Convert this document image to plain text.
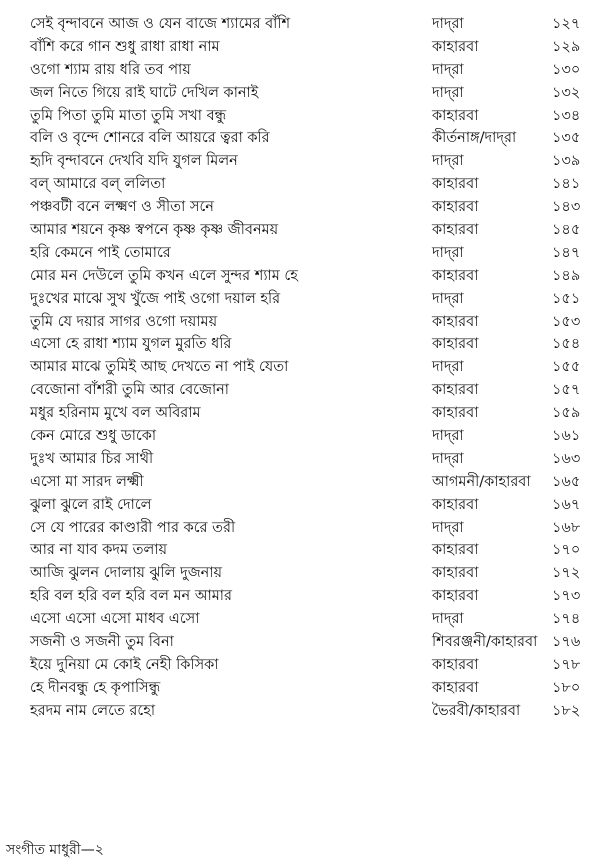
সেই বৃন্দাবনে আজ ও যেন বাজে শ্যামের বাঁশি	দাদ্‌রা	১২৭
বাঁশি করে গান শুধু রাধা রাধা নাম	কাহারবা	১২৯
ওগো শ্যাম রায় ধরি তব পায়	দাদ্‌রা	১৩০
জল নিতে গিয়ে রাই ঘাটে দেখিল কানাই	দাদ্‌রা	১৩২
তুমি পিতা তুমি মাতা তুমি সখা বন্ধু	কাহারবা	১৩৪
বলি ও বৃন্দে শোনরে বলি আয়রে ত্বরা করি	কীর্তনাঙ্গ/দাদ্‌রা ১৩৫
হৃদি বৃন্দাবনে দেখবি যদি যুগল মিলন	দাদ্‌রা	১৩৯
বল্ আমারে বল্ ললিতা	কাহারবা	১৪১
পঞ্চবটী বনে লক্ষ্মণ ও সীতা সনে	কাহারবা	১৪৩
আমার শয়নে কৃষ্ণ স্বপনে কৃষ্ণ কৃষ্ণ জীবনময়	কাহারবা	১৪৫
হরি কেমনে পাই তোমারে	দাদ্‌রা	১৪৭
মোর মন দেউলে তুমি কখন এলে সুন্দর শ্যাম হে	কাহারবা	১৪৯
দুঃখের মাঝে সুখ খুঁজে পাই ওগো দয়াল হরি	দাদ্‌রা	১৫১
তুমি যে দয়ার সাগর ওগো দয়াময়	কাহারবা	১৫৩
এসো হে রাধা শ্যাম যুগল মুরতি ধরি	কাহারবা	১৫৪
আমার মাঝে তুমিই আছ দেখতে না পাই যেতা	দাদ্‌রা	১৫৫
বেজোনা বাঁশরী তুমি আর বেজোনা	কাহারবা	১৫৭
মধুর হরিনাম মুখে বল অবিরাম	কাহারবা	১৫৯
কেন মোরে শুধু ডাকো	দাদ্‌রা	১৬১
দুঃখ আমার চির সাথী	দাদ্‌রা	১৬৩
এসো মা সারদ লক্ষ্মী	আগমনী/কাহারবা ১৬৫
ঝুলা ঝুলে রাই দোলে	কাহারবা	১৬৭
সে যে পারের কাণ্ডারী পার করে তরী	দাদ্‌রা	১৬৮
আর না যাব কদম তলায়	কাহারবা	১৭০
আজি ঝুলন দোলায় ঝুলি দুজনায়	কাহারবা	১৭২
হরি বল হরি বল হরি বল মন আমার	কাহারবা	১৭৩
এসো এসো এসো মাধব এসো	দাদ্‌রা	১৭৪
সজনী ও সজনী তুম বিনা	শিবরঞ্জনী/কাহারবা ১৭৬
ইয়ে দুনিয়া মে কোই নেহী কিসিকা	কাহারবা	১৭৮
হে দীনবন্ধু হে কৃপাসিন্ধু	কাহারবা	১৮০
হরদম নাম লেতে রহো	ভৈরবী/কাহারবা ১৮২
সংগীত মাধুরী—২
